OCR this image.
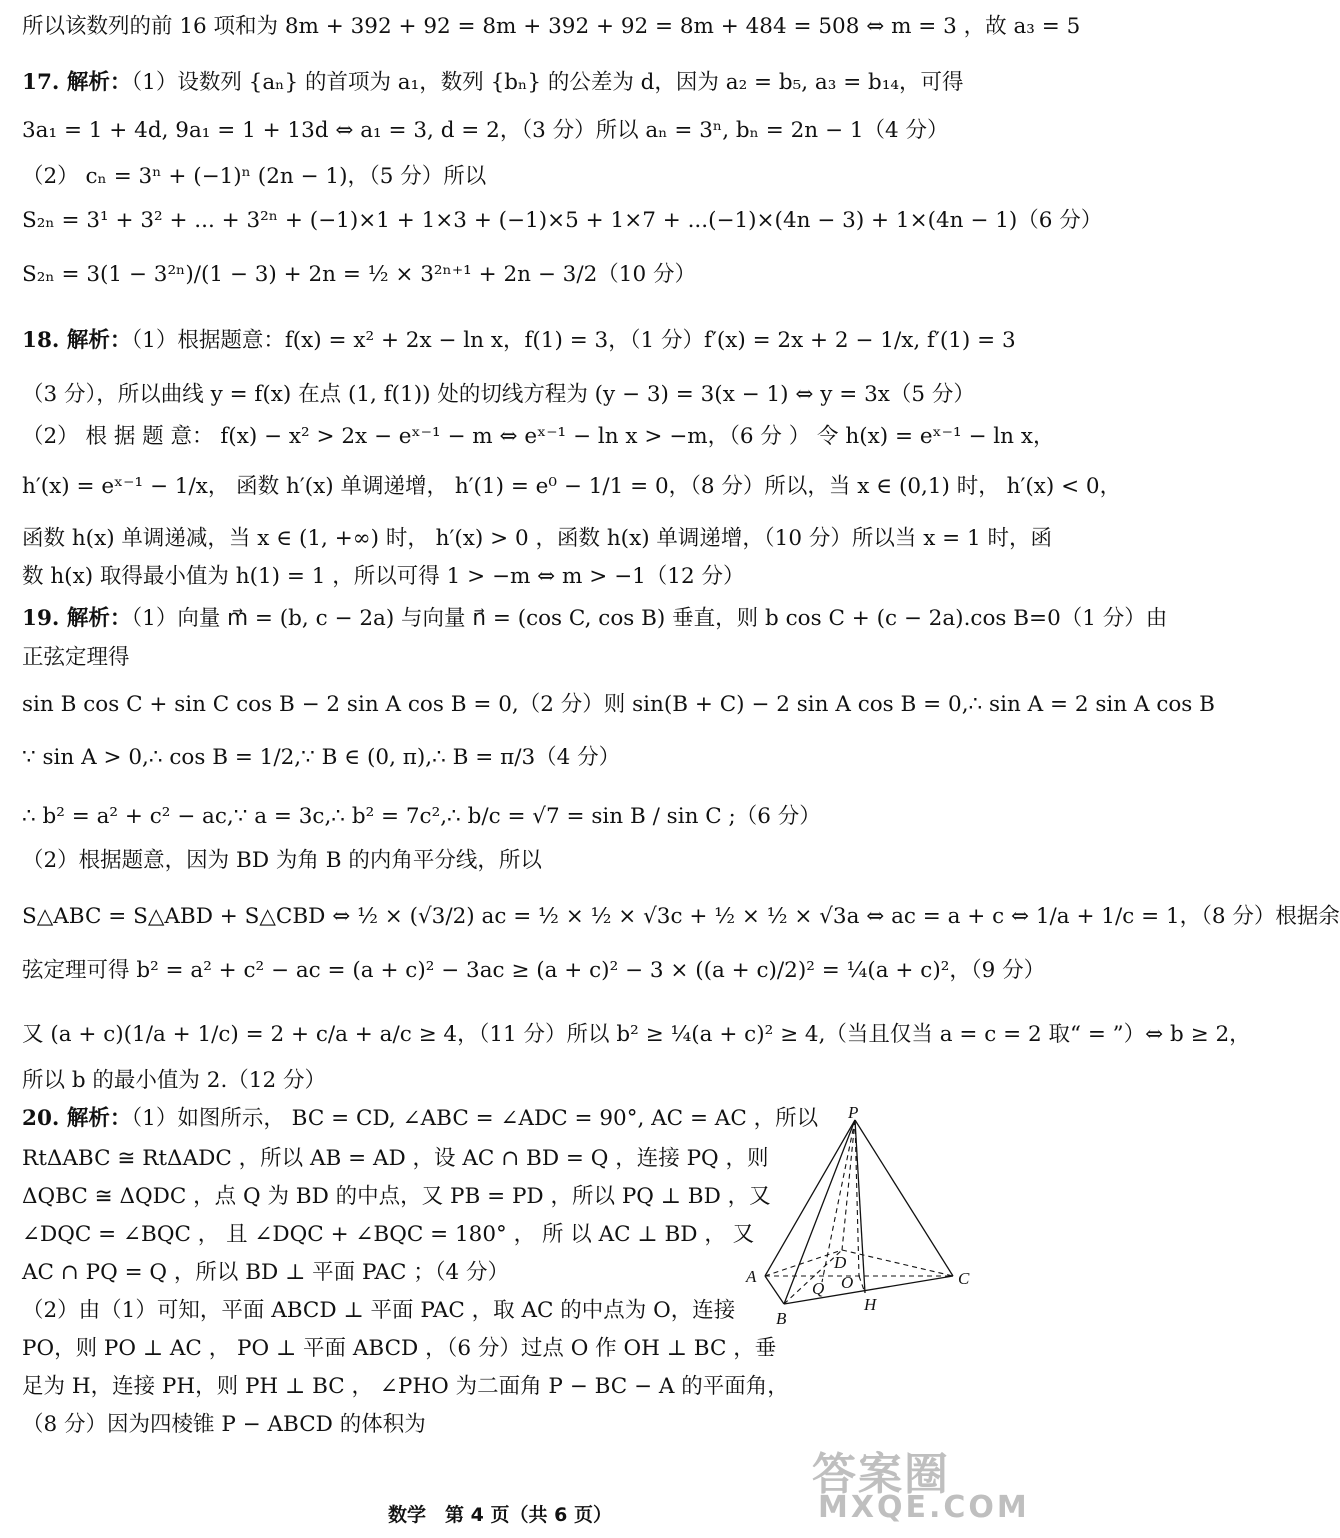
所以该数列的前 16 项和为 8m + 392 + 92 = 8m + 392 + 92 = 8m + 484 = 508 ⇔ m = 3 ，故 a₃ = 5
17. 解析：（1）设数列 {aₙ} 的首项为 a₁，数列 {bₙ} 的公差为 d，因为 a₂ = b₅, a₃ = b₁₄，可得
3a₁ = 1 + 4d, 9a₁ = 1 + 13d ⇔ a₁ = 3, d = 2，（3 分）所以 aₙ = 3ⁿ, bₙ = 2n − 1（4 分）
（2） cₙ = 3ⁿ + (−1)ⁿ (2n − 1)，（5 分）所以
S₂ₙ = 3¹ + 3² + ... + 3²ⁿ + (−1)×1 + 1×3 + (−1)×5 + 1×7 + ...(−1)×(4n − 3) + 1×(4n − 1)（6 分）
S₂ₙ = 3(1 − 3²ⁿ)/(1 − 3) + 2n = ½ × 3²ⁿ⁺¹ + 2n − 3/2（10 分）
18. 解析：（1）根据题意：f(x) = x² + 2x − ln x，f(1) = 3，（1 分）f′(x) = 2x + 2 − 1/x, f′(1) = 3
（3 分），所以曲线 y = f(x) 在点 (1, f(1)) 处的切线方程为 (y − 3) = 3(x − 1) ⇔ y = 3x（5 分）
（2） 根 据 题 意： f(x) − x² > 2x − eˣ⁻¹ − m ⇔ eˣ⁻¹ − ln x > −m，（6 分 ） 令 h(x) = eˣ⁻¹ − ln x，
h′(x) = eˣ⁻¹ − 1/x， 函数 h′(x) 单调递增， h′(1) = e⁰ − 1/1 = 0，（8 分）所以，当 x ∈ (0,1) 时， h′(x) < 0，
函数 h(x) 单调递减，当 x ∈ (1, +∞) 时， h′(x) > 0 ，函数 h(x) 单调递增，（10 分）所以当 x = 1 时，函
数 h(x) 取得最小值为 h(1) = 1 ，所以可得 1 > −m ⇔ m > −1（12 分）
19. 解析：（1）向量 m⃗ = (b, c − 2a) 与向量 n⃗ = (cos C, cos B) 垂直，则 b cos C + (c − 2a).cos B=0（1 分）由
正弦定理得
sin B cos C + sin C cos B − 2 sin A cos B = 0,（2 分）则 sin(B + C) − 2 sin A cos B = 0,∴ sin A = 2 sin A cos B
∵ sin A > 0,∴ cos B = 1/2,∵ B ∈ (0, π),∴ B = π/3（4 分）
∴ b² = a² + c² − ac,∵ a = 3c,∴ b² = 7c²,∴ b/c = √7 = sin B / sin C ;（6 分）
（2）根据题意，因为 BD 为角 B 的内角平分线，所以
S△ABC = S△ABD + S△CBD ⇔ ½ × (√3/2) ac = ½ × ½ × √3c + ½ × ½ × √3a ⇔ ac = a + c ⇔ 1/a + 1/c = 1，（8 分）根据余
弦定理可得 b² = a² + c² − ac = (a + c)² − 3ac ≥ (a + c)² − 3 × ((a + c)/2)² = ¼(a + c)²，（9 分）
又 (a + c)(1/a + 1/c) = 2 + c/a + a/c ≥ 4，（11 分）所以 b² ≥ ¼(a + c)² ≥ 4,（当且仅当 a = c = 2 取“ = ”）⇔ b ≥ 2，
所以 b 的最小值为 2.（12 分）
20. 解析：（1）如图所示， BC = CD, ∠ABC = ∠ADC = 90°, AC = AC ，所以
RtΔABC ≅ RtΔADC ，所以 AB = AD ，设 AC ∩ BD = Q ，连接 PQ ，则
ΔQBC ≅ ΔQDC ，点 Q 为 BD 的中点，又 PB = PD ，所以 PQ ⊥ BD ，又
∠DQC = ∠BQC ， 且 ∠DQC + ∠BQC = 180° ， 所 以 AC ⊥ BD ， 又
AC ∩ PQ = Q ，所以 BD ⊥ 平面 PAC ；（4 分）
（2）由（1）可知，平面 ABCD ⊥ 平面 PAC ，取 AC 的中点为 O，连接
PO，则 PO ⊥ AC ， PO ⊥ 平面 ABCD ，（6 分）过点 O 作 OH ⊥ BC ，垂
足为 H，连接 PH，则 PH ⊥ BC ， ∠PHO 为二面角 P − BC − A 的平面角，
（8 分）因为四棱锥 P − ABCD 的体积为
P
A
B
C
D
Q O
H
数学　第 4 页（共 6 页）
答案圈
MXQE.COM
